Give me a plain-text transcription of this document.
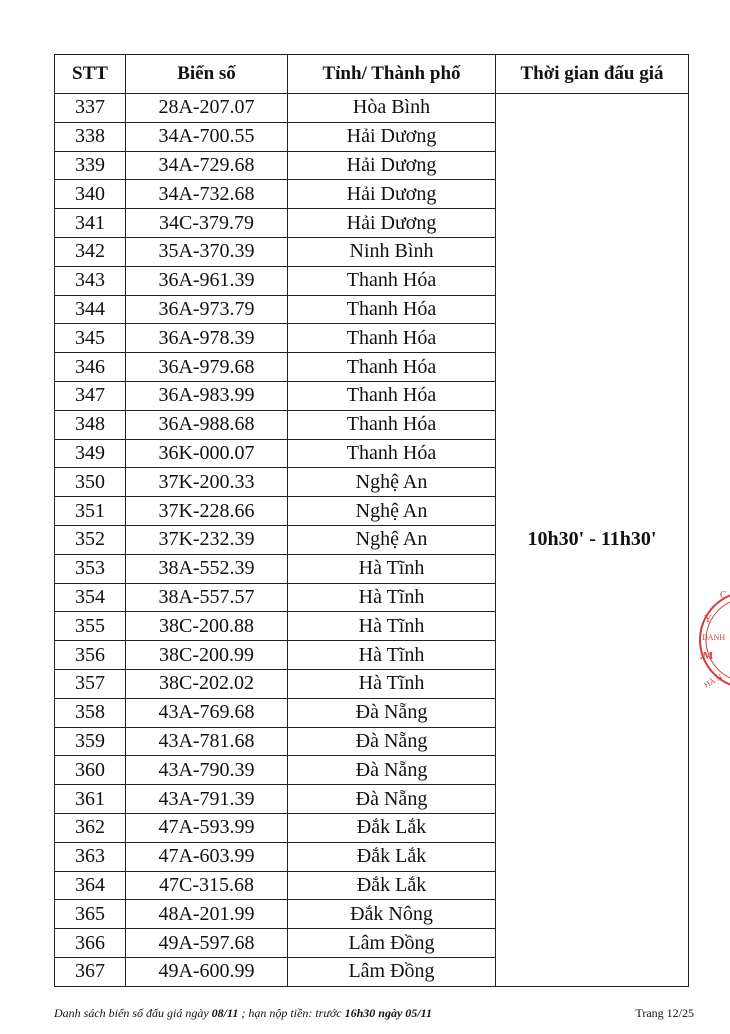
STT	Biển số	Tỉnh/ Thành phố	Thời gian đấu giá
337	28A-207.07	Hòa Bình	10h30' - 11h30'
338	34A-700.55	Hải Dương	
339	34A-729.68	Hải Dương	
340	34A-732.68	Hải Dương	
341	34C-379.79	Hải Dương	
342	35A-370.39	Ninh Bình	
343	36A-961.39	Thanh Hóa	
344	36A-973.79	Thanh Hóa	
345	36A-978.39	Thanh Hóa	
346	36A-979.68	Thanh Hóa	
347	36A-983.99	Thanh Hóa	
348	36A-988.68	Thanh Hóa	
349	36K-000.07	Thanh Hóa	
350	37K-200.33	Nghệ An	
351	37K-228.66	Nghệ An	
352	37K-232.39	Nghệ An	
353	38A-552.39	Hà Tĩnh	
354	38A-557.57	Hà Tĩnh	
355	38C-200.88	Hà Tĩnh	
356	38C-200.99	Hà Tĩnh	
357	38C-202.02	Hà Tĩnh	
358	43A-769.68	Đà Nẵng	
359	43A-781.68	Đà Nẵng	
360	43A-790.39	Đà Nẵng	
361	43A-791.39	Đà Nẵng	
362	47A-593.99	Đắk Lắk	
363	47A-603.99	Đắk Lắk	
364	47C-315.68	Đắk Lắk	
365	48A-201.99	Đắk Nông	
366	49A-597.68	Lâm Đồng	
367	49A-600.99	Lâm Đồng	
C
Y
DANH
.M
HÀ N
Danh sách biển số đấu giá ngày 08/11 ; hạn nộp tiền: trước 16h30 ngày 05/11	Trang 12/25
